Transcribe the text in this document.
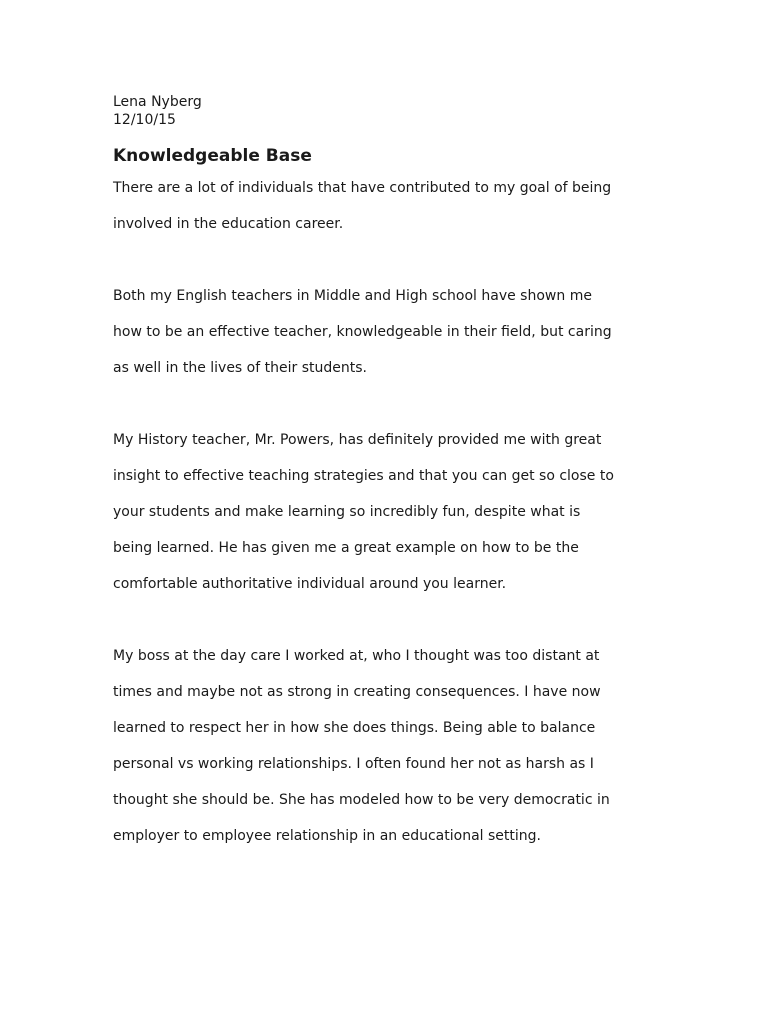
Lena Nyberg

12/10/15

Knowledgeable Base
There are a lot of individuals that have contributed to my goal of being
involved in the education career.
Both my English teachers in Middle and High school have shown me
how to be an effective teacher, knowledgeable in their field, but caring
as well in the lives of their students.
My History teacher, Mr. Powers, has definitely provided me with great
insight to effective teaching strategies and that you can get so close to
your students and make learning so incredibly fun, despite what is
being learned. He has given me a great example on how to be the
comfortable authoritative individual around you learner.
My boss at the day care I worked at, who I thought was too distant at
times and maybe not as strong in creating consequences. I have now
learned to respect her in how she does things. Being able to balance
personal vs working relationships. I often found her not as harsh as I
thought she should be. She has modeled how to be very democratic in
employer to employee relationship in an educational setting.
